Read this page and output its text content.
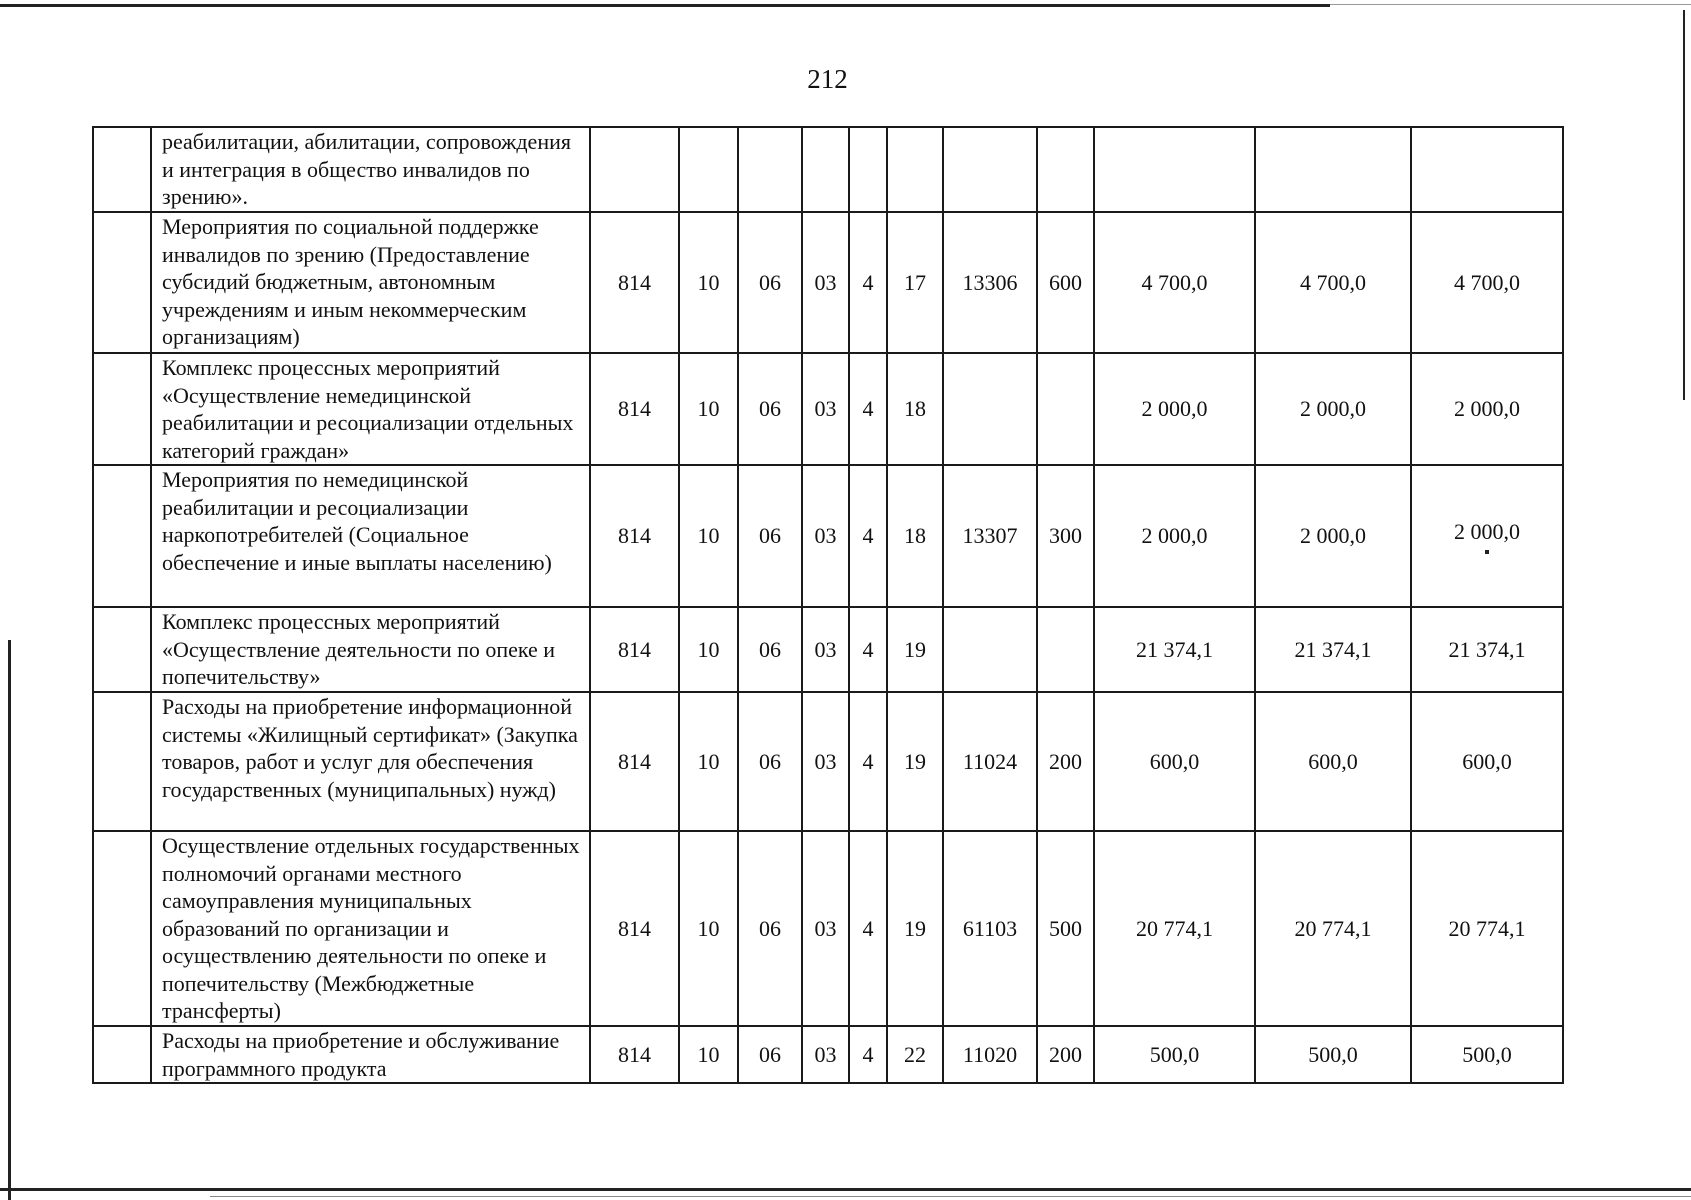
212
	реабилитации, абилитации, сопровождения и интеграция в общество инвалидов по зрению».											
	Мероприятия по социальной поддержке инвалидов по зрению (Предоставление субсидий бюджетным, автономным учреждениям и иным некоммерческим организациям)	814	10	06	03	4	17	13306	600	4 700,0	4 700,0	4 700,0
	Комплекс процессных мероприятий «Осуществление немедицинской реабилитации и ресоциализации отдельных категорий граждан»	814	10	06	03	4	18			2 000,0	2 000,0	2 000,0
	Мероприятия по немедицинской реабилитации и ресоциализации наркопотребителей (Социальное обеспечение и иные выплаты населению)	814	10	06	03	4	18	13307	300	2 000,0	2 000,0	2 000,0

	Комплекс процессных мероприятий «Осуществление деятельности по опеке и попечительству»	814	10	06	03	4	19			21 374,1	21 374,1	21 374,1
	Расходы на приобретение информационной системы «Жилищный сертификат» (Закупка товаров, работ и услуг для обеспечения государственных (муниципальных) нужд)	814	10	06	03	4	19	11024	200	600,0	600,0	600,0
	Осуществление отдельных государственных полномочий органами местного самоуправления муниципальных образований по организации и осуществлению деятельности по опеке и попечительству (Межбюджетные трансферты)	814	10	06	03	4	19	61103	500	20 774,1	20 774,1	20 774,1
	Расходы на приобретение и обслуживание программного продукта	814	10	06	03	4	22	11020	200	500,0	500,0	500,0
